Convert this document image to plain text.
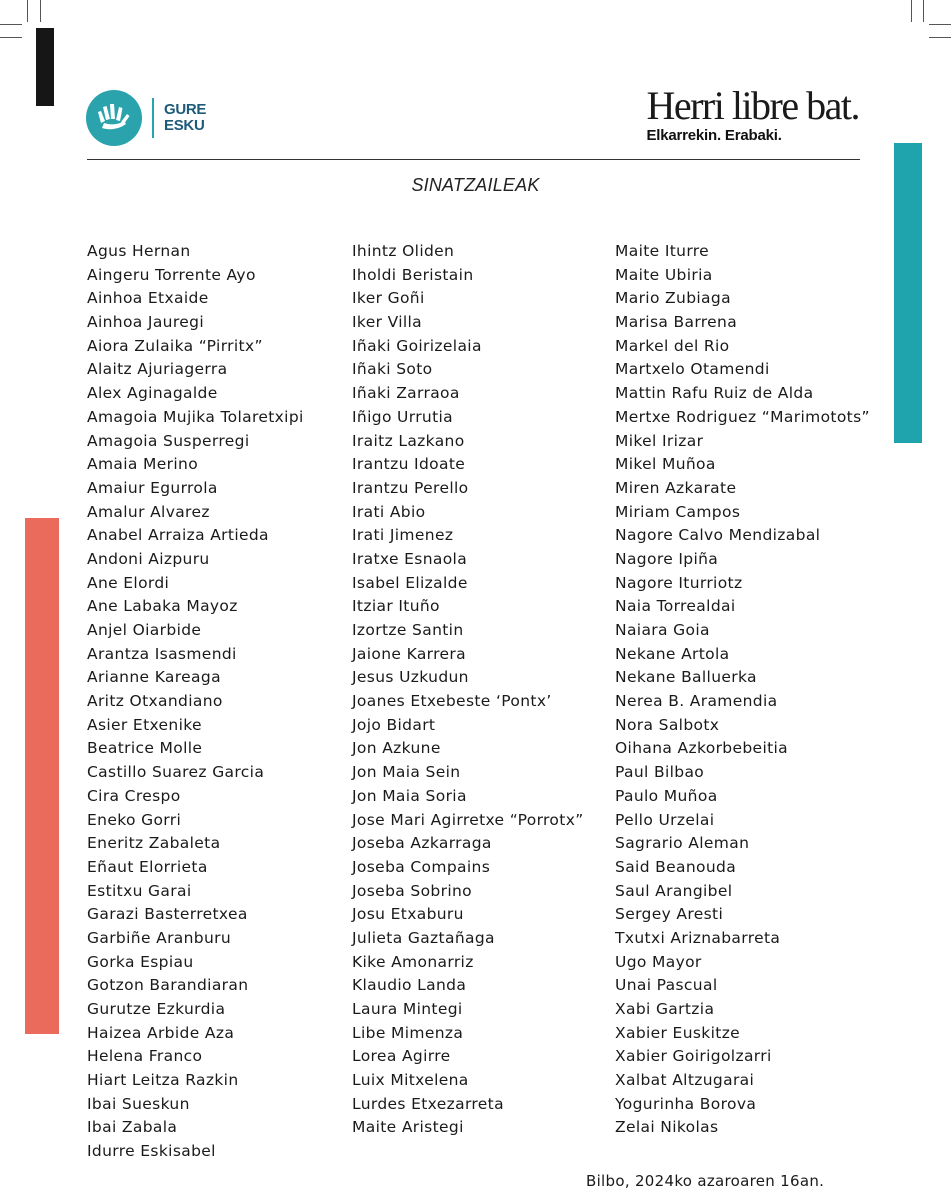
GURE
ESKU	Herri libre bat.
Elkarrekin. Erabaki.
SINATZAILEAK
Agus Hernan
Aingeru Torrente Ayo
Ainhoa Etxaide
Ainhoa Jauregi
Aiora Zulaika “Pirritx”
Alaitz Ajuriagerra
Alex Aginagalde
Amagoia Mujika Tolaretxipi
Amagoia Susperregi
Amaia Merino
Amaiur Egurrola
Amalur Alvarez
Anabel Arraiza Artieda
Andoni Aizpuru
Ane Elordi
Ane Labaka Mayoz
Anjel Oiarbide
Arantza Isasmendi
Arianne Kareaga
Aritz Otxandiano
Asier Etxenike
Beatrice Molle
Castillo Suarez Garcia
Cira Crespo
Eneko Gorri
Eneritz Zabaleta
Eñaut Elorrieta
Estitxu Garai
Garazi Basterretxea
Garbiñe Aranburu
Gorka Espiau
Gotzon Barandiaran
Gurutze Ezkurdia
Haizea Arbide Aza
Helena Franco
Hiart Leitza Razkin
Ibai Sueskun
Ibai Zabala
Idurre Eskisabel
Ihintz Oliden
Iholdi Beristain
Iker Goñi
Iker Villa
Iñaki Goirizelaia
Iñaki Soto
Iñaki Zarraoa
Iñigo Urrutia
Iraitz Lazkano
Irantzu Idoate
Irantzu Perello
Irati Abio
Irati Jimenez
Iratxe Esnaola
Isabel Elizalde
Itziar Ituño
Izortze Santin
Jaione Karrera
Jesus Uzkudun
Joanes Etxebeste ‘Pontx’
Jojo Bidart
Jon Azkune
Jon Maia Sein
Jon Maia Soria
Jose Mari Agirretxe “Porrotx”
Joseba Azkarraga
Joseba Compains
Joseba Sobrino
Josu Etxaburu
Julieta Gaztañaga
Kike Amonarriz
Klaudio Landa
Laura Mintegi
Libe Mimenza
Lorea Agirre
Luix Mitxelena
Lurdes Etxezarreta
Maite Aristegi
Maite Iturre
Maite Ubiria
Mario Zubiaga
Marisa Barrena
Markel del Rio
Martxelo Otamendi
Mattin Rafu Ruiz de Alda
Mertxe Rodriguez “Marimotots”
Mikel Irizar
Mikel Muñoa
Miren Azkarate
Miriam Campos
Nagore Calvo Mendizabal
Nagore Ipiña
Nagore Iturriotz
Naia Torrealdai
Naiara Goia
Nekane Artola
Nekane Balluerka
Nerea B. Aramendia
Nora Salbotx
Oihana Azkorbebeitia
Paul Bilbao
Paulo Muñoa
Pello Urzelai
Sagrario Aleman
Said Beanouda
Saul Arangibel
Sergey Aresti
Txutxi Ariznabarreta
Ugo Mayor
Unai Pascual
Xabi Gartzia
Xabier Euskitze
Xabier Goirigolzarri
Xalbat Altzugarai
Yogurinha Borova
Zelai Nikolas
Bilbo, 2024ko azaroaren 16an.
